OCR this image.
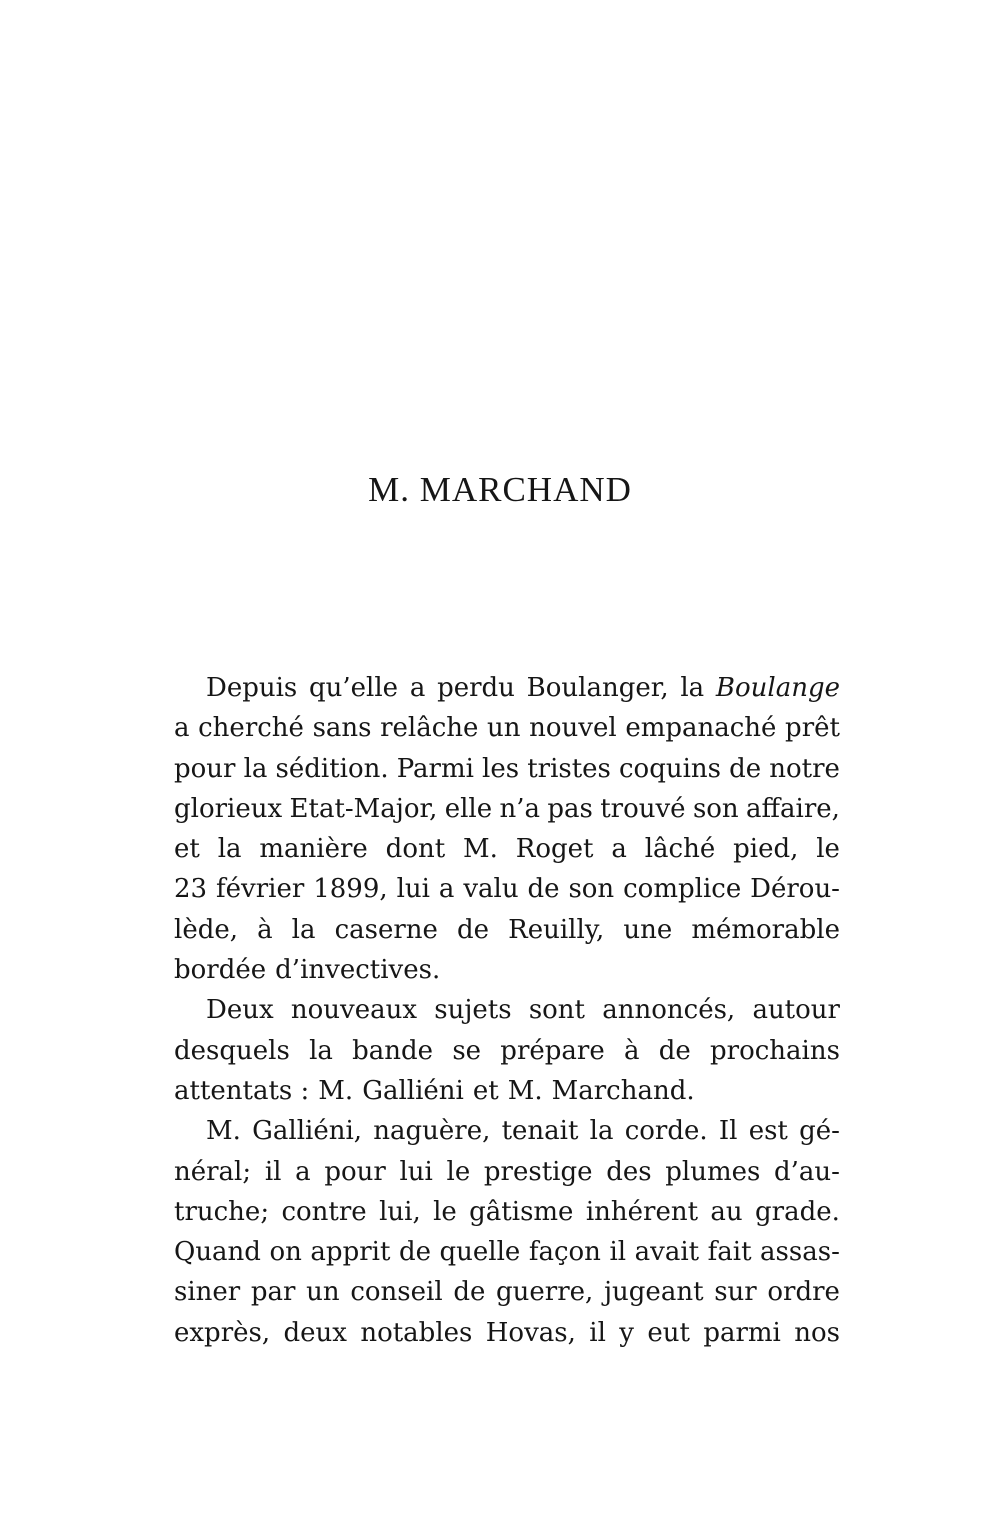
M. MARCHAND
Depuis qu’elle a perdu Boulanger, la Boulange
a cherché sans relâche un nouvel empanaché prêt
pour la sédition. Parmi les tristes coquins de notre
glorieux Etat-Major, elle n’a pas trouvé son affaire,
et la manière dont M. Roget a lâché pied, le
23 février 1899, lui a valu de son complice Dérou-
lède, à la caserne de Reuilly, une mémorable
bordée d’invectives.
Deux nouveaux sujets sont annoncés, autour
desquels la bande se prépare à de prochains
attentats : M. Galliéni et M. Marchand.
M. Galliéni, naguère, tenait la corde. Il est gé-
néral; il a pour lui le prestige des plumes d’au-
truche; contre lui, le gâtisme inhérent au grade.
Quand on apprit de quelle façon il avait fait assas-
siner par un conseil de guerre, jugeant sur ordre
exprès, deux notables Hovas, il y eut parmi nos
